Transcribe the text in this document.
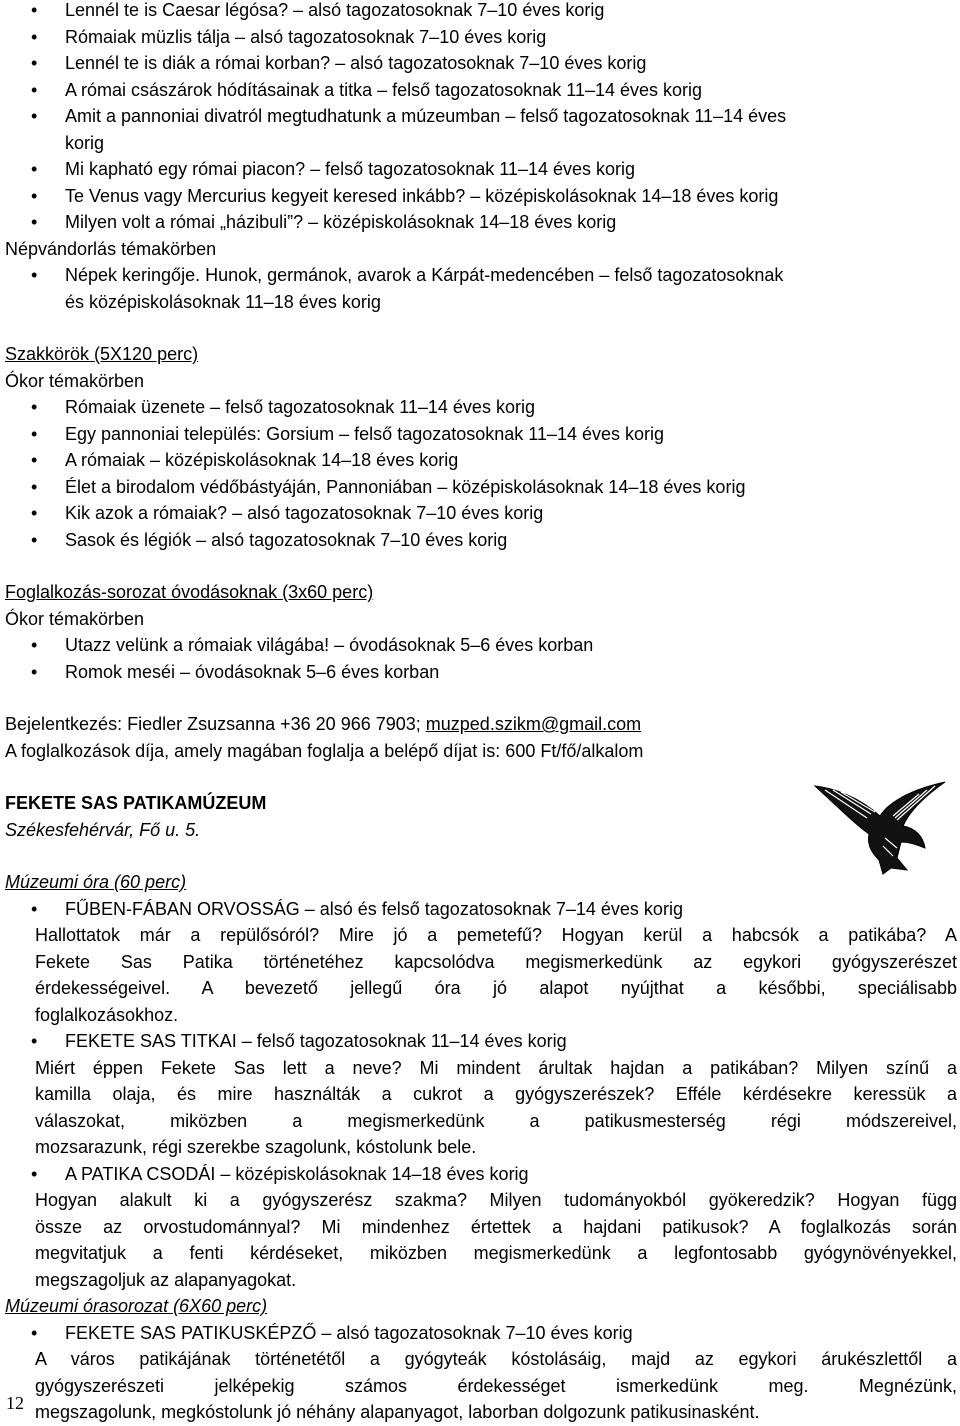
• Lennél te is Caesar légósa? – alsó tagozatosoknak 7–10 éves korig
• Rómaiak müzlis tálja – alsó tagozatosoknak 7–10 éves korig
• Lennél te is diák a római korban? – alsó tagozatosoknak 7–10 éves korig
• A római császárok hódításainak a titka – felső tagozatosoknak 11–14 éves korig
• Amit a pannoniai divatról megtudhatunk a múzeumban – felső tagozatosoknak 11–14 éves
korig
• Mi kapható egy római piacon? – felső tagozatosoknak 11–14 éves korig
• Te Venus vagy Mercurius kegyeit keresed inkább? – középiskolásoknak 14–18 éves korig
• Milyen volt a római „házibuli”? – középiskolásoknak 14–18 éves korig
Népvándorlás témakörben
• Népek keringője. Hunok, germánok, avarok a Kárpát-medencében – felső tagozatosoknak
és középiskolásoknak 11–18 éves korig
Szakkörök (5X120 perc)
Ókor témakörben
• Rómaiak üzenete – felső tagozatosoknak 11–14 éves korig
• Egy pannoniai település: Gorsium – felső tagozatosoknak 11–14 éves korig
• A rómaiak – középiskolásoknak 14–18 éves korig
• Élet a birodalom védőbástyáján, Pannoniában – középiskolásoknak 14–18 éves korig
• Kik azok a rómaiak? – alsó tagozatosoknak 7–10 éves korig
• Sasok és légiók – alsó tagozatosoknak 7–10 éves korig
Foglalkozás-sorozat óvodásoknak (3x60 perc)
Ókor témakörben
• Utazz velünk a rómaiak világába! – óvodásoknak 5–6 éves korban
• Romok meséi – óvodásoknak 5–6 éves korban
Bejelentkezés: Fiedler Zsuzsanna +36 20 966 7903; muzped.szikm@gmail.com
A foglalkozások díja, amely magában foglalja a belépő díjat is: 600 Ft/fő/alkalom
FEKETE SAS PATIKAMÚZEUM
Székesfehérvár, Fő u. 5.
Múzeumi óra (60 perc)
• FŰBEN-FÁBAN ORVOSSÁG – alsó és felső tagozatosoknak 7–14 éves korig
Hallottatok már a repülősóról? Mire jó a pemetefű? Hogyan kerül a habcsók a patikába? A
Fekete Sas Patika történetéhez kapcsolódva megismerkedünk az egykori gyógyszerészet
érdekességeivel. A bevezető jellegű óra jó alapot nyújthat a későbbi, speciálisabb
foglalkozásokhoz.
• FEKETE SAS TITKAI – felső tagozatosoknak 11–14 éves korig
Miért éppen Fekete Sas lett a neve? Mi mindent árultak hajdan a patikában? Milyen színű a
kamilla olaja, és mire használták a cukrot a gyógyszerészek? Efféle kérdésekre keressük a
válaszokat, miközben a megismerkedünk a patikusmesterség régi módszereivel,
mozsarazunk, régi szerekbe szagolunk, kóstolunk bele.
• A PATIKA CSODÁI – középiskolásoknak 14–18 éves korig
Hogyan alakult ki a gyógyszerész szakma? Milyen tudományokból gyökeredzik? Hogyan függ
össze az orvostudománnyal? Mi mindenhez értettek a hajdani patikusok? A foglalkozás során
megvitatjuk a fenti kérdéseket, miközben megismerkedünk a legfontosabb gyógynövényekkel,
megszagoljuk az alapanyagokat.
Múzeumi órasorozat (6X60 perc)
• FEKETE SAS PATIKUSKÉPZŐ – alsó tagozatosoknak 7–10 éves korig
A város patikájának történetétől a gyógyteák kóstolásáig, majd az egykori árukészlettől a
gyógyszerészeti jelképekig számos érdekességet ismerkedünk meg. Megnézünk,
megszagolunk, megkóstolunk jó néhány alapanyagot, laborban dolgozunk patikusinasként.
12
